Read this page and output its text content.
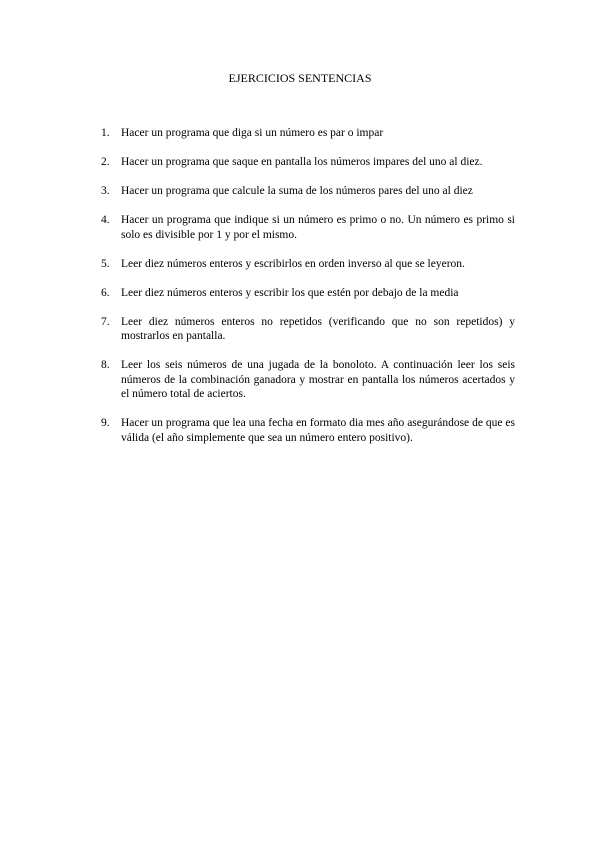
EJERCICIOS SENTENCIAS
1. Hacer un programa que diga si un número es par o impar
2. Hacer un programa que saque en pantalla los números impares del uno al diez.
3. Hacer un programa que calcule la suma de los números pares del uno al diez
4. Hacer un programa que indique si un número es primo o no. Un número es primo si solo es divisible por 1 y por el mismo.
5. Leer diez números enteros y escribirlos en orden inverso al que se leyeron.
6. Leer diez números enteros y escribir los que estén por debajo de la media
7. Leer diez números enteros no repetidos (verificando que no son repetidos) y mostrarlos en pantalla.
8. Leer los seis números de una jugada de la bonoloto. A continuación leer los seis números de la combinación ganadora y mostrar en pantalla los números acertados y el número total de aciertos.
9. Hacer un programa que lea una fecha en formato dia mes año asegurándose de que es válida (el año simplemente que sea un número entero positivo).
